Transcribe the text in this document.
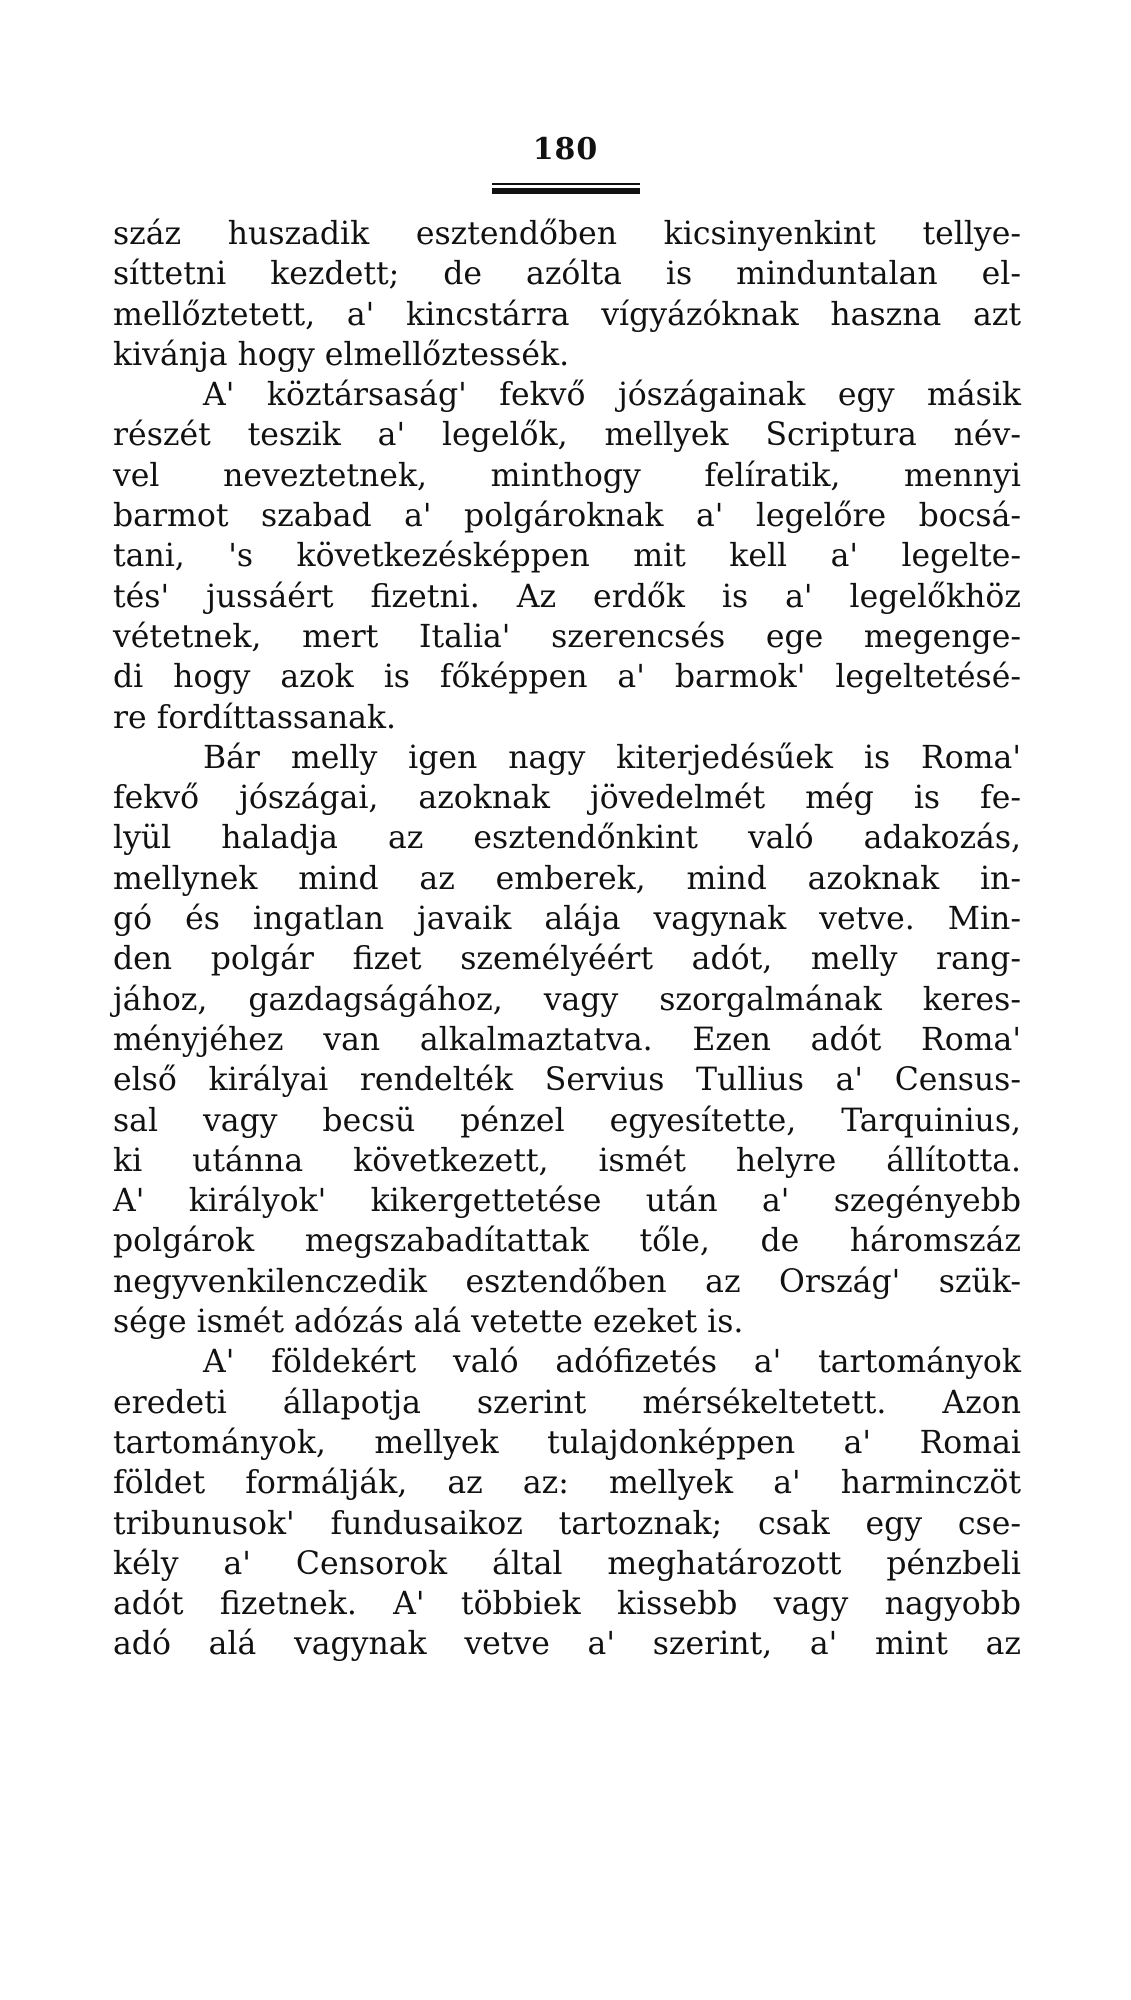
180
száz huszadik esztendőben kicsinyenkint tellye-
síttetni kezdett; de azólta is minduntalan el-
mellőztetett, a' kincstárra vígyázóknak haszna azt
kivánja hogy elmellőztessék.
A' köztársaság' fekvő jószágainak egy másik
részét teszik a' legelők, mellyek Scriptura név-
vel neveztetnek, minthogy felíratik, mennyi
barmot szabad a' polgároknak a' legelőre bocsá-
tani, 's következésképpen mit kell a' legelte-
tés' jussáért fizetni. Az erdők is a' legelőkhöz
vétetnek, mert Italia' szerencsés ege megenge-
di hogy azok is főképpen a' barmok' legeltetésé-
re fordíttassanak.
Bár melly igen nagy kiterjedésűek is Roma'
fekvő jószágai, azoknak jövedelmét még is fe-
lyül haladja az esztendőnkint való adakozás,
mellynek mind az emberek, mind azoknak in-
gó és ingatlan javaik alája vagynak vetve. Min-
den polgár fizet személyéért adót, melly rang-
jához, gazdagságához, vagy szorgalmának keres-
ményjéhez van alkalmaztatva. Ezen adót Roma'
első királyai rendelték Servius Tullius a' Census-
sal vagy becsü pénzel egyesítette, Tarquinius,
ki utánna következett, ismét helyre állította.
A' királyok' kikergettetése után a' szegényebb
polgárok megszabadítattak tőle, de háromszáz
negyvenkilenczedik esztendőben az Ország' szük-
sége ismét adózás alá vetette ezeket is.
A' földekért való adófizetés a' tartományok
eredeti állapotja szerint mérsékeltetett. Azon
tartományok, mellyek tulajdonképpen a' Romai
földet formálják, az az: mellyek a' harminczöt
tribunusok' fundusaikoz tartoznak; csak egy cse-
kély a' Censorok által meghatározott pénzbeli
adót fizetnek. A' többiek kissebb vagy nagyobb
adó alá vagynak vetve a' szerint, a' mint az
